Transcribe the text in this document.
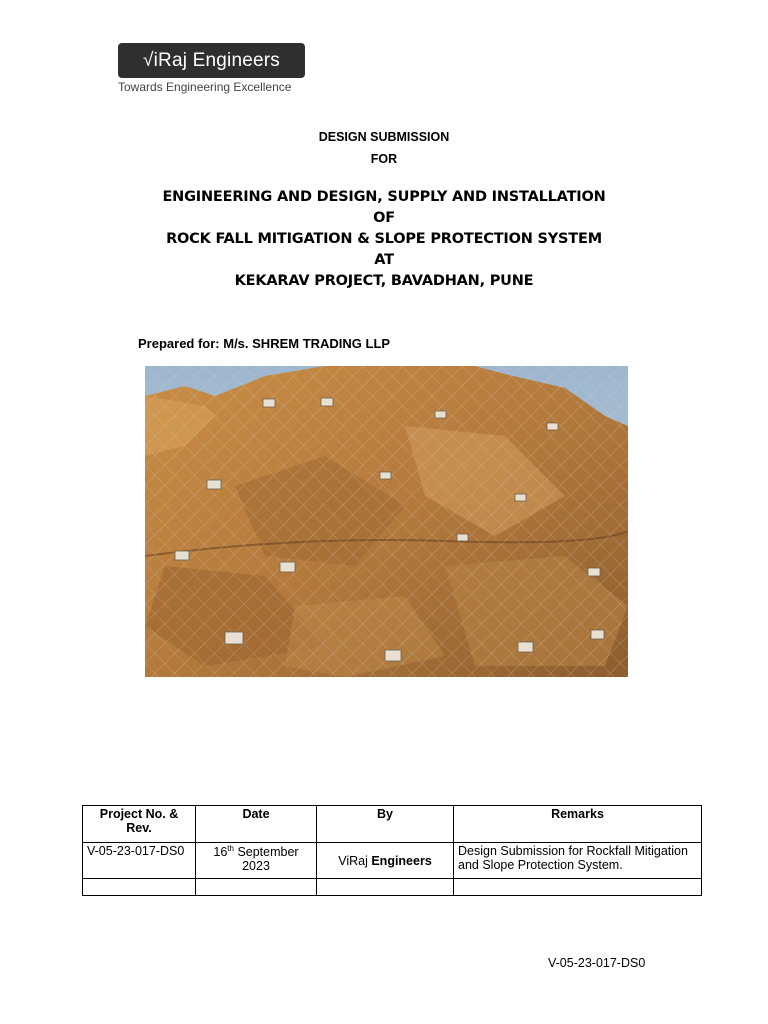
√iRaj Engineers
Towards Engineering Excellence
DESIGN SUBMISSION
FOR
ENGINEERING AND DESIGN, SUPPLY AND INSTALLATION
OF
ROCK FALL MITIGATION & SLOPE PROTECTION SYSTEM
AT
KEKARAV PROJECT, BAVADHAN, PUNE
Prepared for: M/s. SHREM TRADING LLP
Project No. & Rev.	Date	By	Remarks
V-05-23-017-DS0	16th September 2023	ViRaj Engineers	Design Submission for Rockfall Mitigation and Slope Protection System.

V-05-23-017-DS0
